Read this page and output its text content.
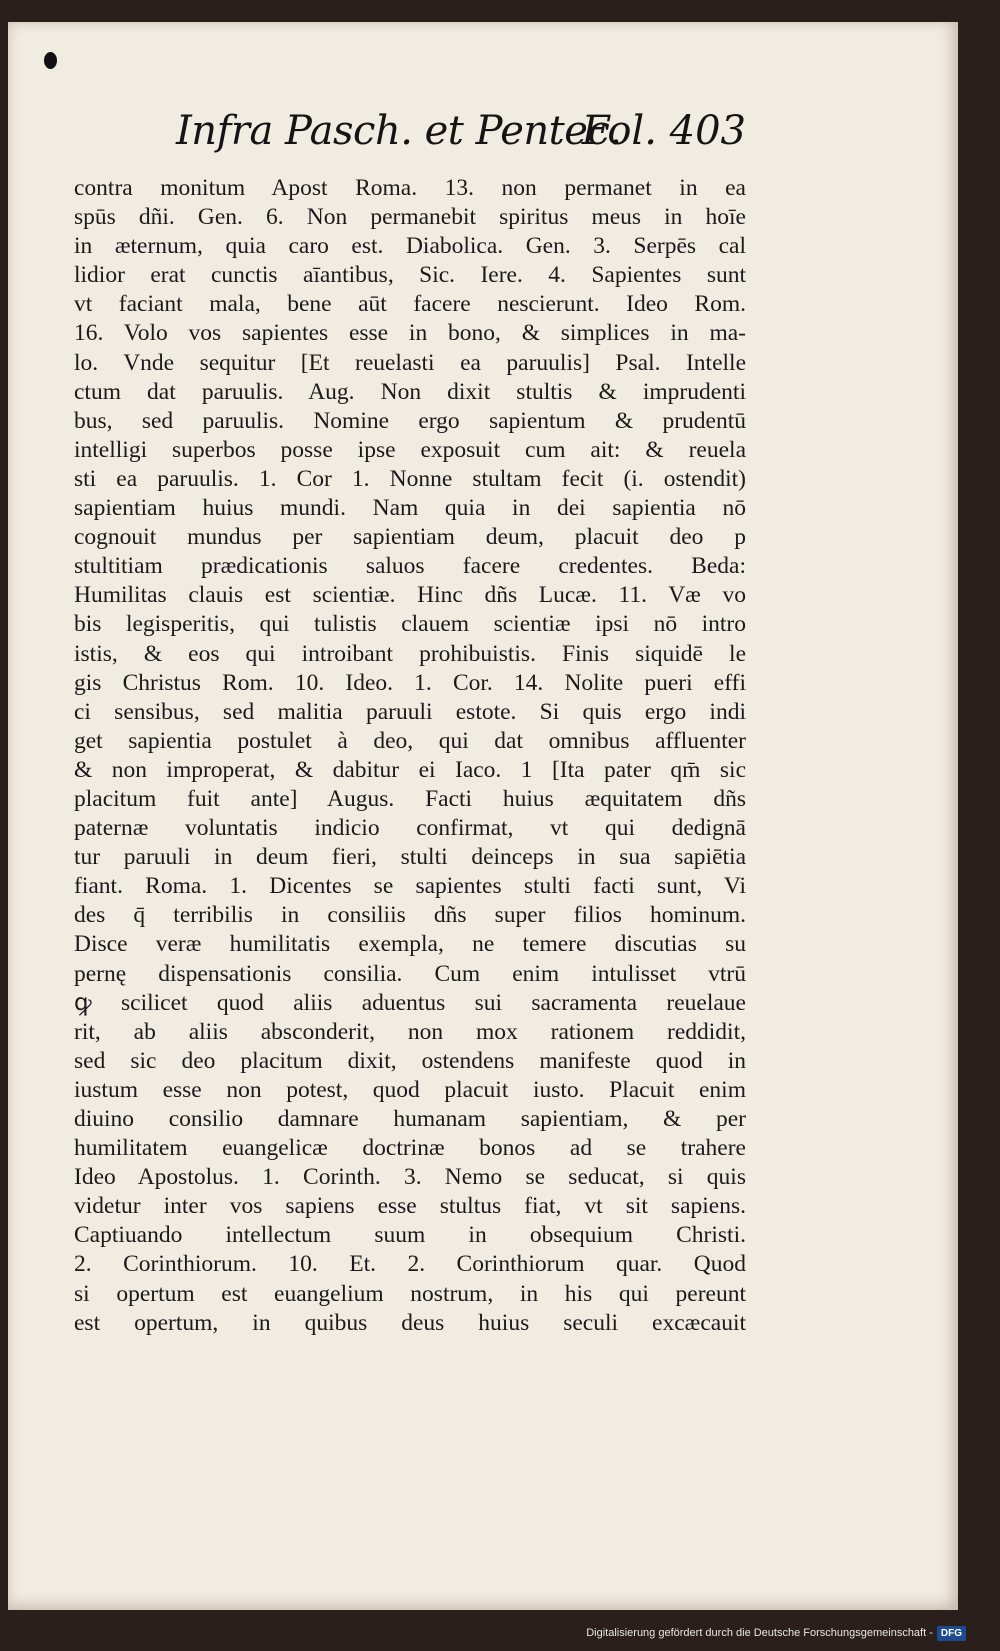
Infra Pasch. et Pentec.
Fol. 403
contra monitum Apost Roma. 13. non permanet in ea
spūs dñi. Gen. 6. Non permanebit spiritus meus in hoīe
in æternum, quia caro est. Diabolica. Gen. 3. Serpēs cal
lidior erat cunctis aīantibus, Sic. Iere. 4. Sapientes sunt
vt faciant mala, bene aūt facere nescierunt. Ideo Rom.
16. Volo vos sapientes esse in bono, & simplices in ma-
lo. Vnde sequitur [Et reuelasti ea paruulis] Psal. Intelle
ctum dat paruulis. Aug. Non dixit stultis & imprudenti
bus, sed paruulis. Nomine ergo sapientum & prudentū
intelligi superbos posse ipse exposuit cum ait: & reuela
sti ea paruulis. 1. Cor 1. Nonne stultam fecit (i. ostendit)
sapientiam huius mundi. Nam quia in dei sapientia nō
cognouit mundus per sapientiam deum, placuit deo p
stultitiam prædicationis saluos facere credentes. Beda:
Humilitas clauis est scientiæ. Hinc dñs Lucæ. 11. Væ vo
bis legisperitis, qui tulistis clauem scientiæ ipsi nō intro
istis, & eos qui introibant prohibuistis. Finis siquidē le
gis Christus Rom. 10. Ideo. 1. Cor. 14. Nolite pueri effi
ci sensibus, sed malitia paruuli estote. Si quis ergo indi
get sapientia postulet à deo, qui dat omnibus affluenter
& non improperat, & dabitur ei Iaco. 1 [Ita pater qm̄ sic
placitum fuit ante] Augus. Facti huius æquitatem dñs
paternæ voluntatis indicio confirmat, vt qui dedignā
tur paruuli in deum fieri, stulti deinceps in sua sapiētia
fiant. Roma. 1. Dicentes se sapientes stulti facti sunt, Vi
des q̄ terribilis in consiliis dñs super filios hominum.
Disce veræ humilitatis exempla, ne temere discutias su
pernę dispensationis consilia. Cum enim intulisset vtrū
ꝙ scilicet quod aliis aduentus sui sacramenta reuelaue
rit, ab aliis absconderit, non mox rationem reddidit,
sed sic deo placitum dixit, ostendens manifeste quod in
iustum esse non potest, quod placuit iusto. Placuit enim
diuino consilio damnare humanam sapientiam, & per
humilitatem euangelicæ doctrinæ bonos ad se trahere
Ideo Apostolus. 1. Corinth. 3. Nemo se seducat, si quis
videtur inter vos sapiens esse stultus fiat, vt sit sapiens.
Captiuando intellectum suum in obsequium Christi.
2. Corinthiorum. 10. Et. 2. Corinthiorum quar. Quod
si opertum est euangelium nostrum, in his qui pereunt
est opertum, in quibus deus huius seculi excæcauit
Digitalisierung gefördert durch die Deutsche Forschungsgemeinschaft - DFG
